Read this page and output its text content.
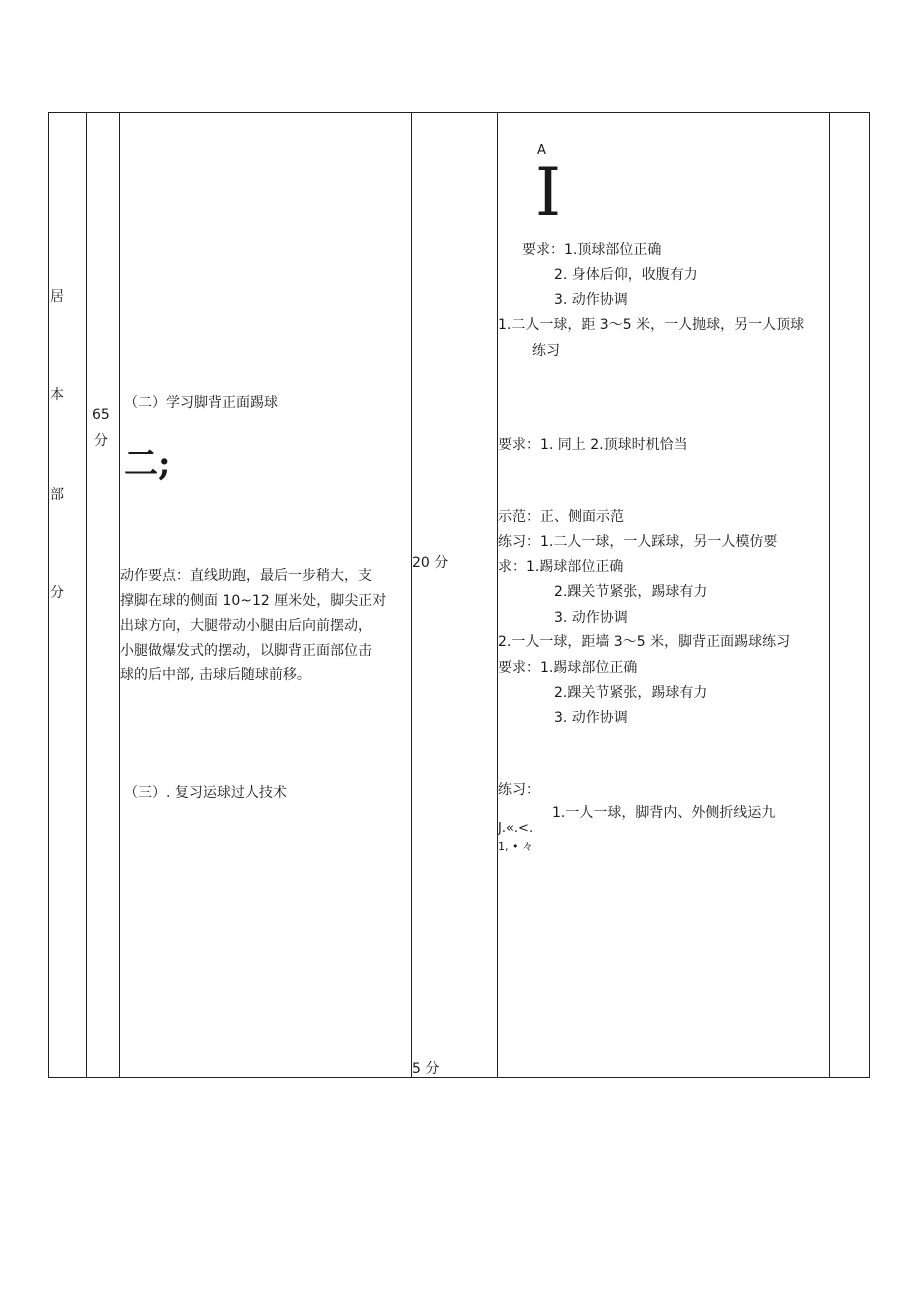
居
本
部
分
65
分
（二）学习脚背正面踢球
二;
动作要点：直线助跑，最后一步稍大，支
撑脚在球的侧面 10~12 厘米处，脚尖正对
出球方向，大腿带动小腿由后向前摆动，
小腿做爆发式的摆动，以脚背正面部位击
球的后中部, 击球后随球前移。
（三）. 复习运球过人技术
20 分
5 分
A
I
要求：1.顶球部位正确
2. 身体后仰，收腹有力
3. 动作协调
1.二人一球，距 3～5 米，一人抛球，另一人顶球
练习
要求：1. 同上 2.顶球时机恰当
示范：正、侧面示范
练习：1.二人一球，一人踩球，另一人模仿要
求：1.踢球部位正确
2.踝关节紧张，踢球有力
3. 动作协调
2.一人一球，距墙 3～5 米，脚背正面踢球练习
要求：1.踢球部位正确
2.踝关节紧张，踢球有力
3. 动作协调
练习：
1.一人一球，脚背内、外侧折线运九
J.«.<.
1, • 々
